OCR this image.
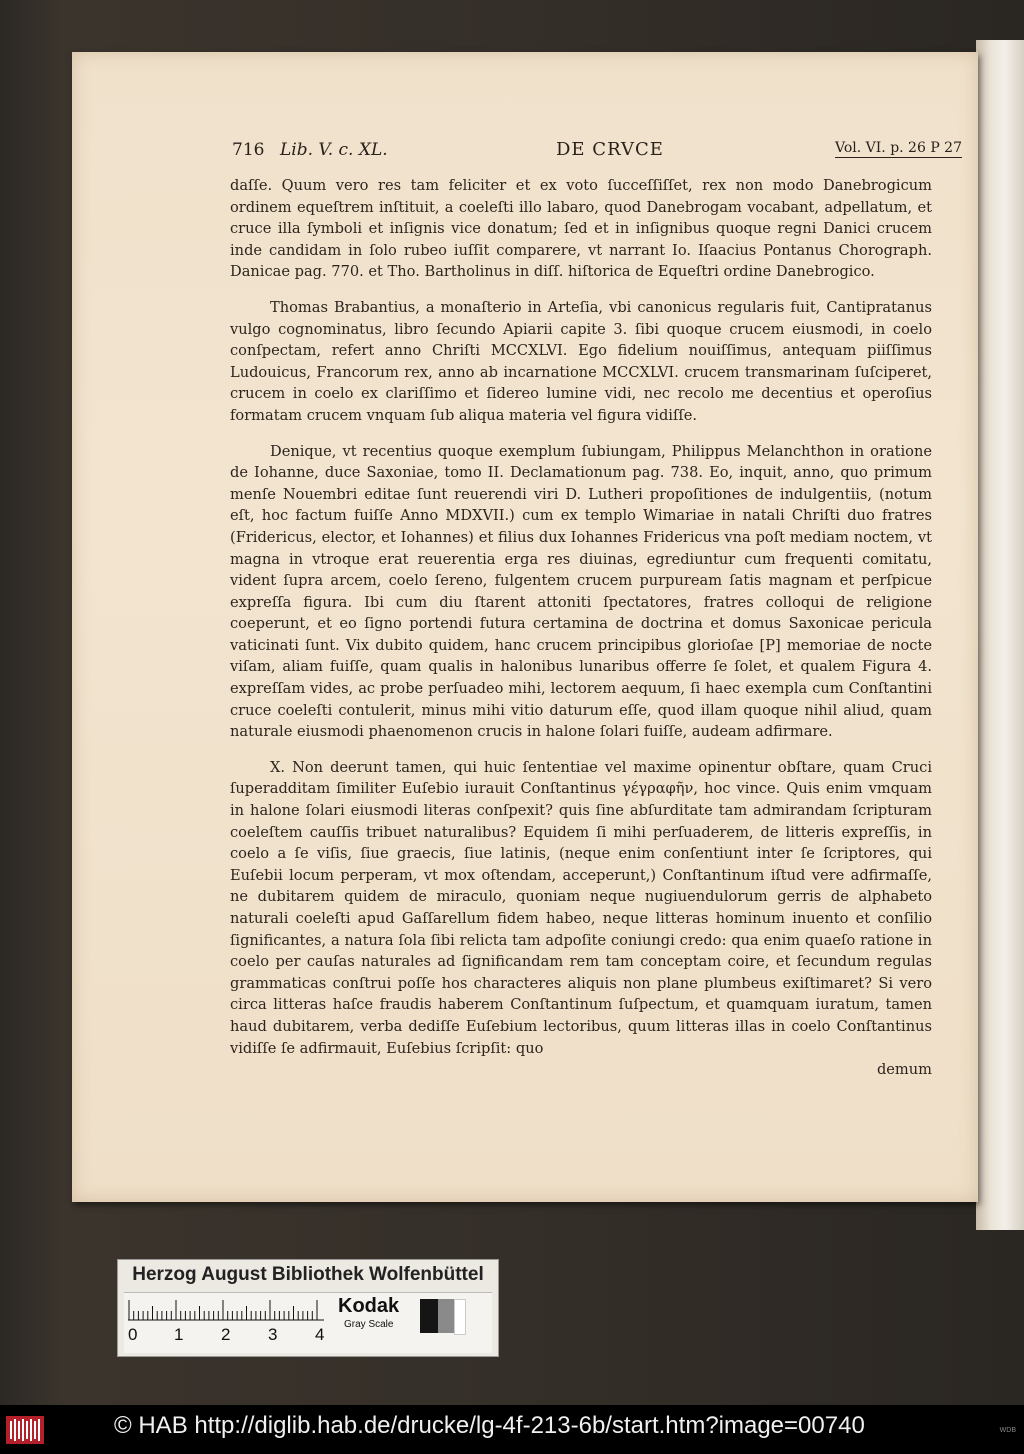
716 Lib. V. c. XL.	DE CRVCE	Vol. VI. p. 26 P 27

daſſe. Quum vero res tam feliciter et ex voto ſucceſſiſſet, rex non modo Danebrogicum ordinem equeſtrem inſtituit, a coeleſti illo labaro, quod Danebrogam vocabant, adpellatum, et cruce illa ſymboli et inſignis vice donatum; ſed et in inſignibus quoque regni Danici crucem inde candidam in ſolo rubeo iuſſit comparere, vt narrant Io. Iſaacius Pontanus Chorograph. Danicae pag. 770. et Tho. Bartholinus in diſſ. hiſtorica de Equeſtri ordine Danebrogico.

Thomas Brabantius, a monaſterio in Arteſia, vbi canonicus regularis fuit, Cantipratanus vulgo cognominatus, libro ſecundo Apiarii capite 3. ſibi quoque crucem eiusmodi, in coelo conſpectam, refert anno Chriſti MCCXLVI. Ego fidelium nouiſſimus, antequam piiſſimus Ludouicus, Francorum rex, anno ab incarnatione MCCXLVI. crucem transmarinam ſuſciperet, crucem in coelo ex clariſſimo et ſidereo lumine vidi, nec recolo me decentius et operoſius formatam crucem vnquam ſub aliqua materia vel figura vidiſſe.

Denique, vt recentius quoque exemplum ſubiungam, Philippus Melanchthon in oratione de Iohanne, duce Saxoniae, tomo II. Declamationum pag. 738. Eo, inquit, anno, quo primum menſe Nouembri editae ſunt reuerendi viri D. Lutheri propoſitiones de indulgentiis, (notum eſt, hoc factum fuiſſe Anno MDXVII.) cum ex templo Wimariae in natali Chriſti duo fratres (Fridericus, elector, et Iohannes) et filius dux Iohannes Fridericus vna poſt mediam noctem, vt magna in vtroque erat reuerentia erga res diuinas, egrediuntur cum frequenti comitatu, vident ſupra arcem, coelo ſereno, fulgentem crucem purpuream ſatis magnam et perſpicue expreſſa figura. Ibi cum diu ſtarent attoniti ſpectatores, fratres colloqui de religione coeperunt, et eo ſigno portendi futura certamina de doctrina et domus Saxonicae pericula vaticinati ſunt. Vix dubito quidem, hanc crucem principibus glorioſae [P] memoriae de nocte viſam, aliam fuiſſe, quam qualis in halonibus lunaribus offerre ſe ſolet, et qualem Figura 4. expreſſam vides, ac probe perſuadeo mihi, lectorem aequum, ſi haec exempla cum Conſtantini cruce coeleſti contulerit, minus mihi vitio daturum eſſe, quod illam quoque nihil aliud, quam naturale eiusmodi phaenomenon crucis in halone ſolari fuiſſe, audeam adfirmare.

X. Non deerunt tamen, qui huic ſententiae vel maxime opinentur obſtare, quam Cruci ſuperadditam ſimiliter Euſebio iurauit Conſtantinus γέγραφῆν, hoc vince. Quis enim vmquam in halone ſolari eiusmodi literas conſpexit? quis ſine abſurditate tam admirandam ſcripturam coeleſtem cauſſis tribuet naturalibus? Equidem ſi mihi perſuaderem, de litteris expreſſis, in coelo a ſe viſis, ſiue graecis, ſiue latinis, (neque enim conſentiunt inter ſe ſcriptores, qui Euſebii locum perperam, vt mox oſtendam, acceperunt,) Conſtantinum iſtud vere adfirmaſſe, ne dubitarem quidem de miraculo, quoniam neque nugiuendulorum gerris de alphabeto naturali coeleſti apud Gaſſarellum fidem habeo, neque litteras hominum inuento et conſilio ſignificantes, a natura ſola ſibi relicta tam adpoſite coniungi credo: qua enim quaeſo ratione in coelo per cauſas naturales ad ſignificandam rem tam conceptam coire, et ſecundum regulas grammaticas conſtrui poſſe hos characteres aliquis non plane plumbeus exiſtimaret? Si vero circa litteras haſce fraudis haberem Conſtantinum ſuſpectum, et quamquam iuratum, tamen haud dubitarem, verba dediſſe Euſebium lectoribus, quum litteras illas in coelo Conſtantinus vidiſſe ſe adfirmauit, Euſebius ſcripſit: quo

demum
Herzog August Bibliothek Wolfenbüttel
0 1 2 3 4
Kodak
Gray Scale
© HAB http://diglib.hab.de/drucke/lg-4f-213-6b/start.htm?image=00740	WDB
